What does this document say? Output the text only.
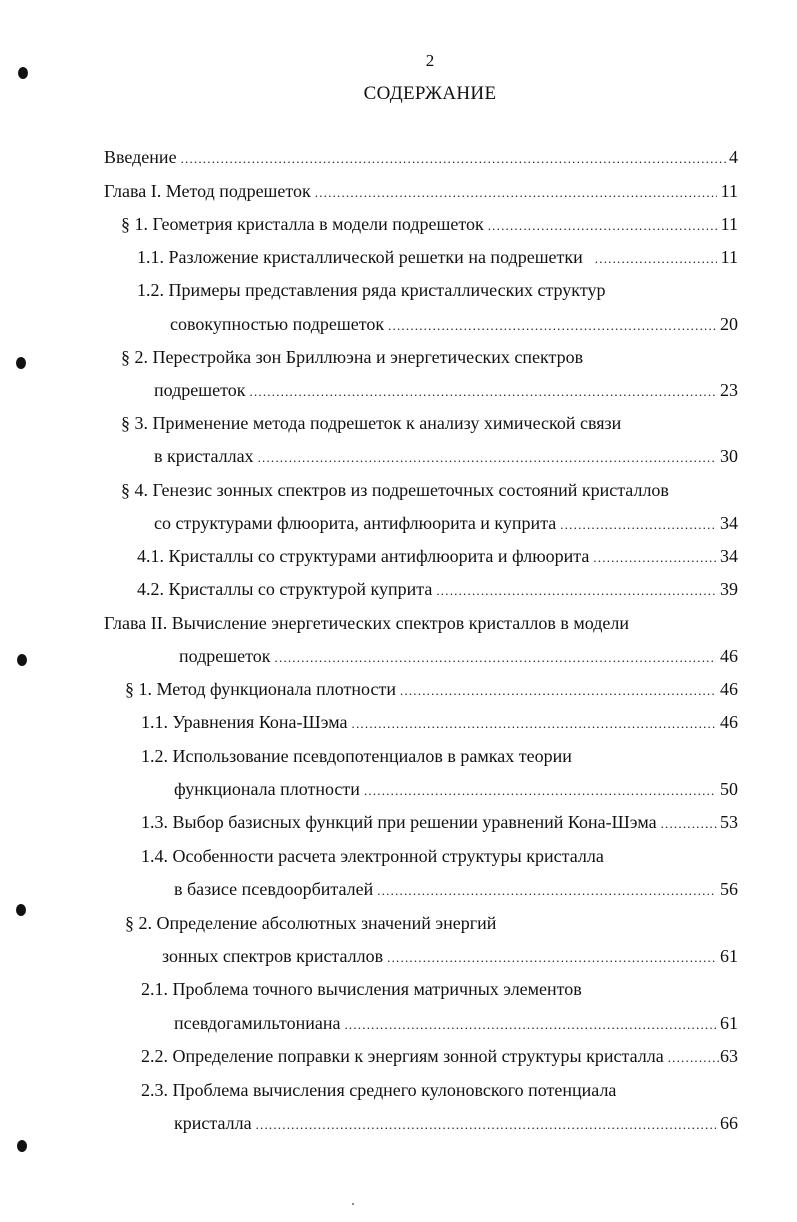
2
СОДЕРЖАНИЕ
Введение .....	4
Глава I. Метод подрешеток .....	11
§ 1. Геометрия кристалла в модели подрешеток .....	11
1.1. Разложение кристаллической решетки на подрешетки .....	11
1.2. Примеры представления ряда кристаллических структур
совокупностью подрешеток .....	20
§ 2. Перестройка зон Бриллюэна и энергетических спектров
подрешеток .....	23
§ 3. Применение метода подрешеток к анализу химической связи
в кристаллах .....	30
§ 4. Генезис зонных спектров из подрешеточных состояний кристаллов
со структурами флюорита, антифлюорита и куприта .....	34
4.1. Кристаллы со структурами антифлюорита и флюорита .....	34
4.2. Кристаллы со структурой куприта .....	39
Глава II. Вычисление энергетических спектров кристаллов в модели
подрешеток .....	46
§ 1. Метод функционала плотности .....	46
1.1. Уравнения Кона-Шэма .....	46
1.2. Использование псевдопотенциалов в рамках теории
функционала плотности .....	50
1.3. Выбор базисных функций при решении уравнений Кона-Шэма .....	53
1.4. Особенности расчета электронной структуры кристалла
в базисе псевдоорбиталей .....	56
§ 2. Определение абсолютных значений энергий
зонных спектров кристаллов .....	61
2.1. Проблема точного вычисления матричных элементов
псевдогамильтониана .....	61
2.2. Определение поправки к энергиям зонной структуры кристалла .....	63
2.3. Проблема вычисления среднего кулоновского потенциала
кристалла .....	66
